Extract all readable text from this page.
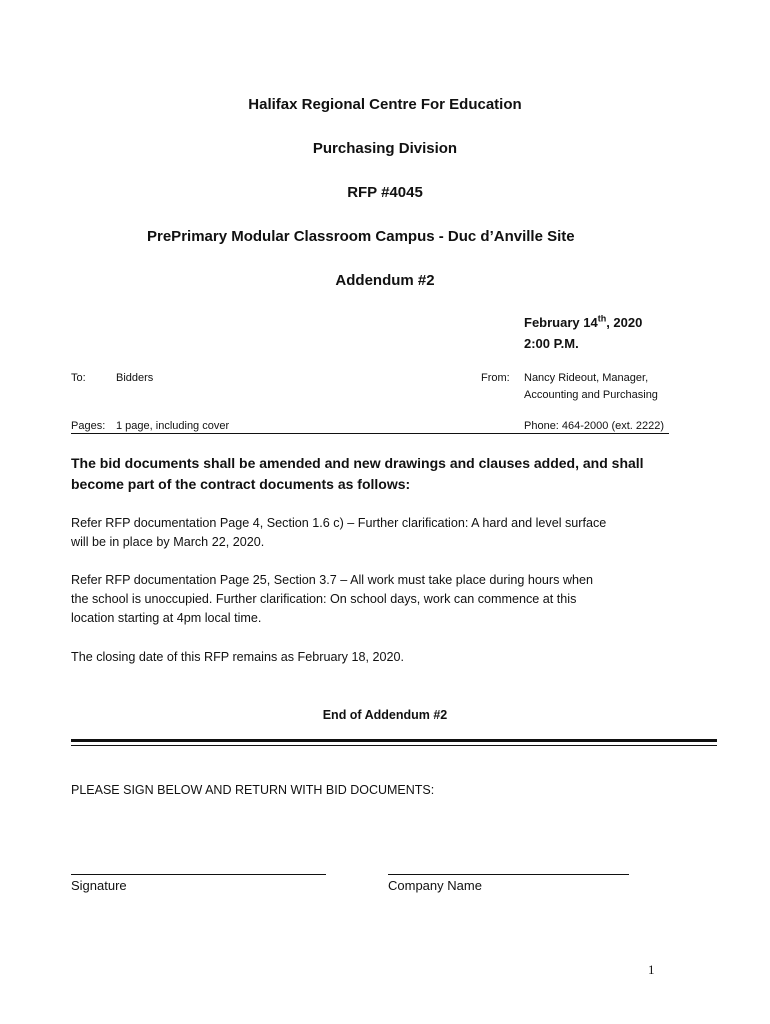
Halifax Regional Centre For Education
Purchasing Division
RFP #4045
PrePrimary Modular Classroom Campus - Duc d’Anville Site
Addendum #2
February 14th, 2020
2:00 P.M.
To:	Bidders	From: Nancy Rideout, Manager,
Accounting and Purchasing
Pages: 1 page, including cover	Phone: 464-2000 (ext. 2222)
The bid documents shall be amended and new drawings and clauses added, and shall
become part of the contract documents as follows:
Refer RFP documentation Page 4, Section 1.6 c) – Further clarification: A hard and level surface
will be in place by March 22, 2020.
Refer RFP documentation Page 25, Section 3.7 – All work must take place during hours when
the school is unoccupied. Further clarification: On school days, work can commence at this
location starting at 4pm local time.
The closing date of this RFP remains as February 18, 2020.
End of Addendum #2
PLEASE SIGN BELOW AND RETURN WITH BID DOCUMENTS:
Signature	Company Name
1
